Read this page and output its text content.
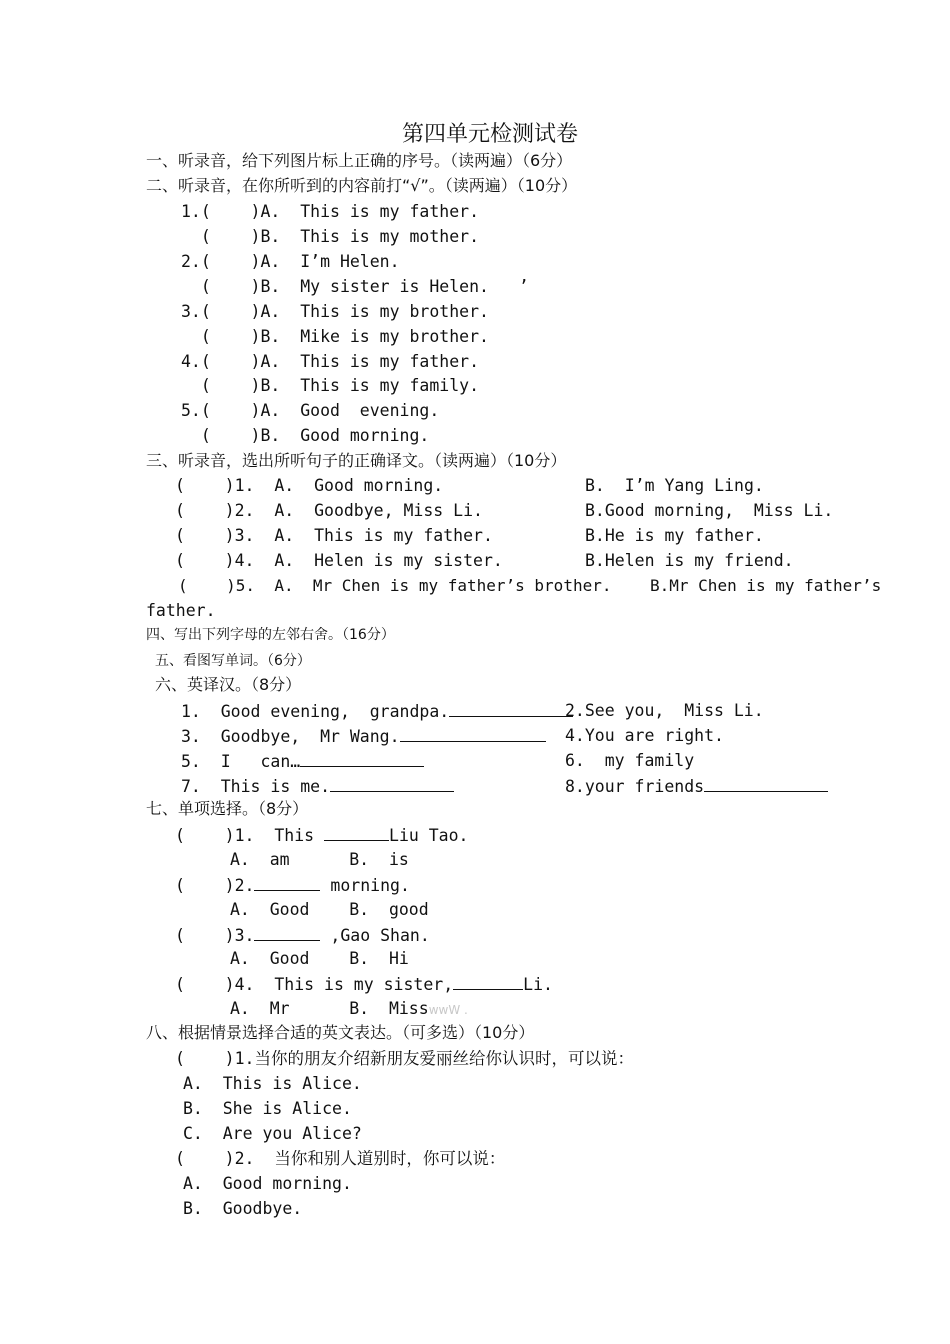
第四单元检测试卷
一、听录音，给下列图片标上正确的序号。（读两遍）（6分）
二、听录音，在你所听到的内容前打“√”。（读两遍）（10分）
1.(    )A.  This is my father.
(    )B.  This is my mother.
2.(    )A.  I’m Helen.
(    )B.  My sister is Helen.   ’
3.(    )A.  This is my brother.
(    )B.  Mike is my brother.
4.(    )A.  This is my father.
(    )B.  This is my family.
5.(    )A.  Good  evening.
(    )B.  Good morning.
三、听录音，选出所听句子的正确译文。（读两遍）（10分）
(    )1.  A.  Good morning.	B.  I’m Yang Ling.
(    )2.  A.  Goodbye, Miss Li.	B.Good morning,  Miss Li.
(    )3.  A.  This is my father.	B.He is my father.
(    )4.  A.  Helen is my sister.	B.Helen is my friend.
(    )5.  A.  Mr Chen is my father’s brother.    B.Mr Chen is my father’s
father.
四、写出下列字母的左邻右舍。（16分）
五、看图写单词。（6分）
六、英译汉。（8分）
1.  Good evening,  grandpa.	2.See you,  Miss Li.
3.  Goodbye,  Mr Wang.	4.You are right.
5.  I   can…	6.  my family
7.  This is me.	8.your friends
七、单项选择。（8分）
(    )1.  This	Liu Tao.
A.  am      B.  is
(    )2.	morning.
A.  Good    B.  good
(    )3.	,Gao Shan.
A.  Good    B.  Hi
(    )4.  This is my sister,	Li.
A.  Mr      B.  MisswwW .
八、根据情景选择合适的英文表达。（可多选）（10分）
(    )1.当你的朋友介绍新朋友爱丽丝给你认识时，可以说：
A.  This is Alice.
B.  She is Alice.
C.  Are you Alice?
(    )2.  当你和别人道别时，你可以说：
A.  Good morning.
B.  Goodbye.
